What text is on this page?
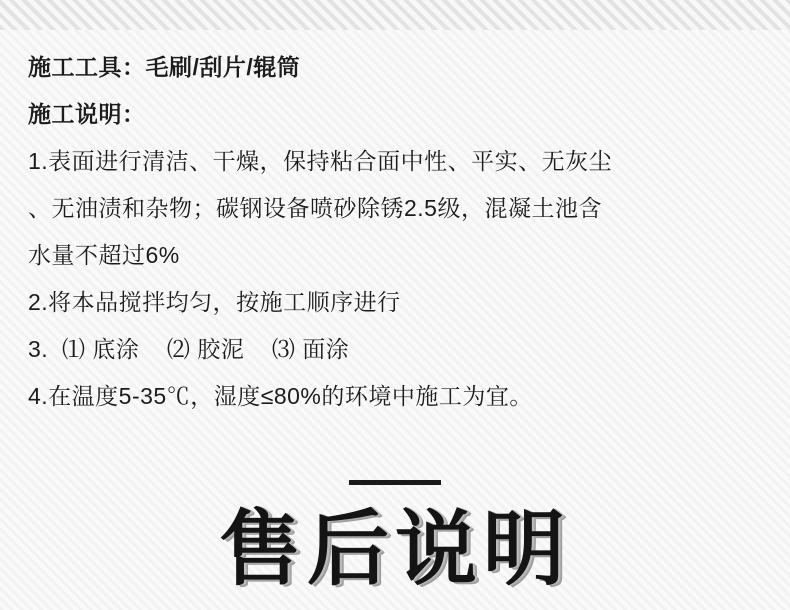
施工工具：毛刷/刮片/辊筒
施工说明：
1.表面进行清洁、干燥，保持粘合面中性、平实、无灰尘
、无油渍和杂物；碳钢设备喷砂除锈2.5级，混凝土池含
水量不超过6%
2.将本品搅拌均匀，按施工顺序进行
3.  ⑴ 底涂    ⑵ 胶泥    ⑶ 面涂
4.在温度5-35℃，湿度≤80%的环境中施工为宜。
售后说明
